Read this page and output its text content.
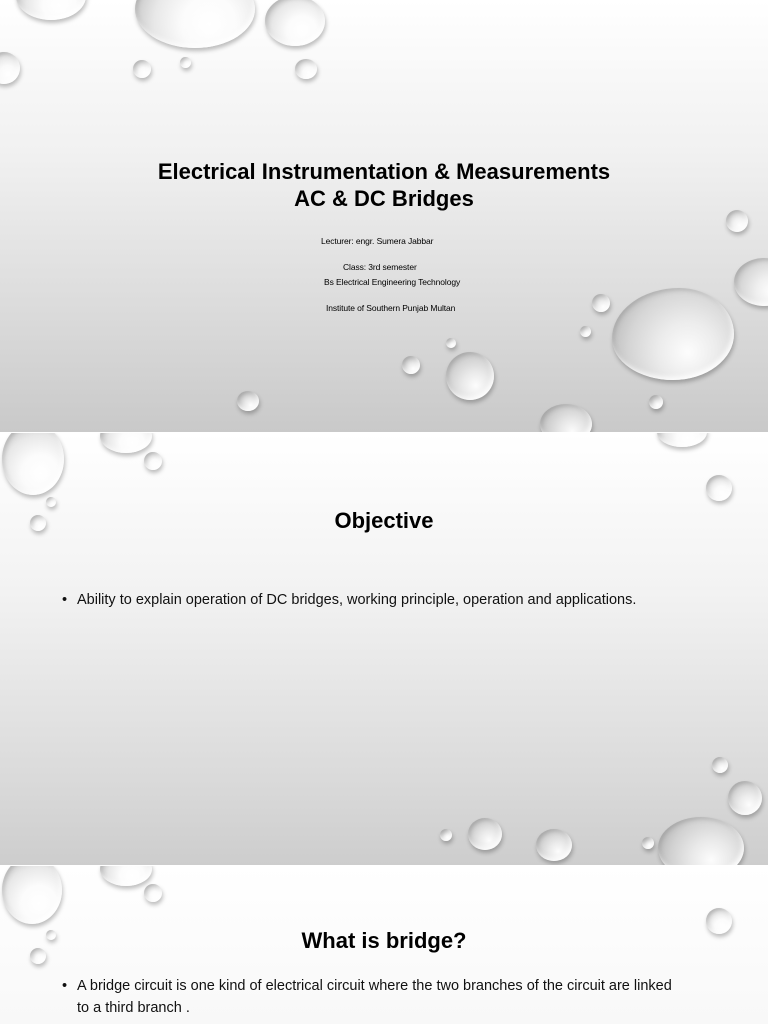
Electrical Instrumentation & Measurements
AC & DC Bridges
Lecturer: engr. Sumera Jabbar
Class: 3rd semester
Bs Electrical Engineering Technology
Institute of Southern Punjab Multan
Objective
• Ability to explain operation of DC bridges, working principle, operation and applications.
What is bridge?
• A bridge circuit is one kind of electrical circuit where the two branches of the circuit are linked to a third branch .
